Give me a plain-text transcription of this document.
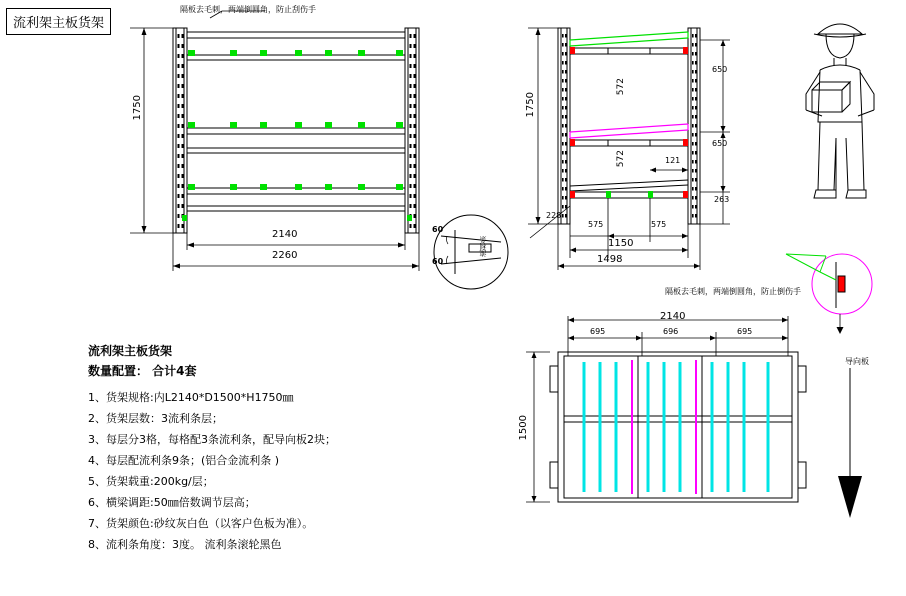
流利架主板货架
隔板去毛刺，两端倒圆角，防止刮伤手
1750
2140
2260
1750
650
650
263
572
572	121
228
575	575
1150
1498
60
60
流利条
隔板去毛刺，两端倒圆角，防止倒伤手
导向板
2140
695	696	695
1500
流利架主板货架
数量配置： 合计4套
1、货架规格:内L2140*D1500*H1750㎜
2、货架层数：3流利条层；
3、每层分3格，每格配3条流利条，配导向板2块；
4、每层配流利条9条；(铝合金流利条 )
5、货架载重:200kg/层；
6、横梁调距:50㎜倍数调节层高；
7、货架颜色:砂纹灰白色（以客户色板为准）。
8、流利条角度：3度。 流利条滚轮黑色
